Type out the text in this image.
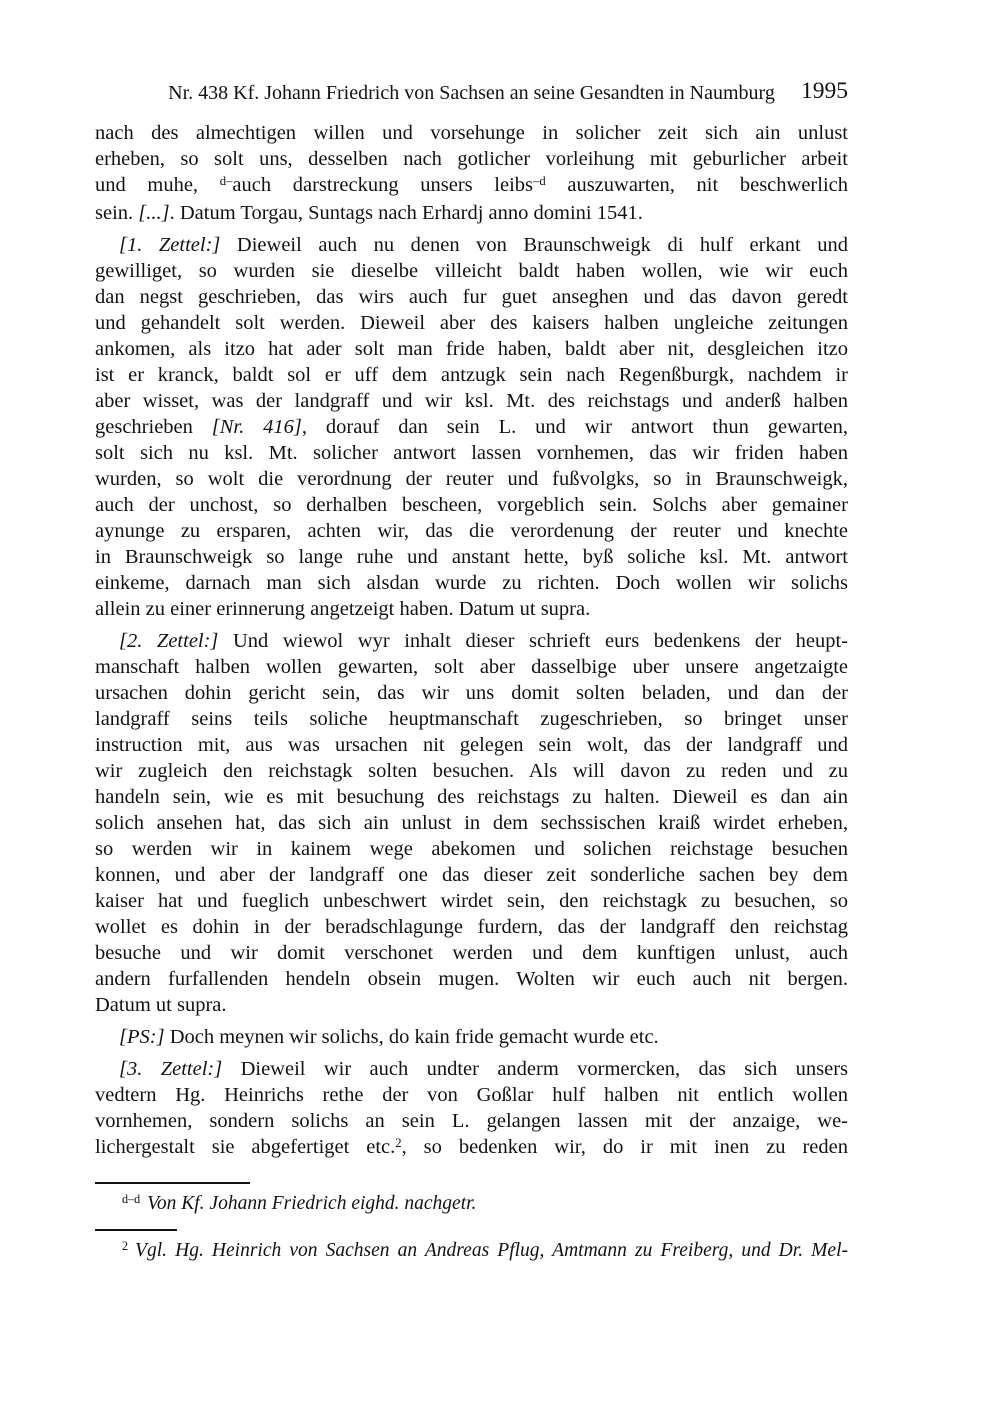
Nr. 438 Kf. Johann Friedrich von Sachsen an seine Gesandten in Naumburg	1995
nach des almechtigen willen und vorsehunge in solicher zeit sich ain unlust
erheben, so solt uns, desselben nach gotlicher vorleihung mit geburlicher arbeit
und muhe, $^{d-}$auch darstreckung unsers leibs$^{-d}$ auszuwarten, nit beschwerlich
sein. [...]. Datum Torgau, Suntags nach Erhardj anno domini 1541.
[1. Zettel:] Dieweil auch nu denen von Braunschweigk di hulf erkant und
gewilliget, so wurden sie dieselbe villeicht baldt haben wollen, wie wir euch
dan negst geschrieben, das wirs auch fur guet anseghen und das davon geredt
und gehandelt solt werden. Dieweil aber des kaisers halben ungleiche zeitungen
ankomen, als itzo hat ader solt man fride haben, baldt aber nit, desgleichen itzo
ist er kranck, baldt sol er uff dem antzugk sein nach Regenßburgk, nachdem ir
aber wisset, was der landgraff und wir ksl. Mt. des reichstags und anderß halben
geschrieben [Nr. 416], dorauf dan sein L. und wir antwort thun gewarten,
solt sich nu ksl. Mt. solicher antwort lassen vornhemen, das wir friden haben
wurden, so wolt die verordnung der reuter und fußvolgks, so in Braunschweigk,
auch der unchost, so derhalben bescheen, vorgeblich sein. Solchs aber gemainer
aynunge zu ersparen, achten wir, das die verordenung der reuter und knechte
in Braunschweigk so lange ruhe und anstant hette, byß soliche ksl. Mt. antwort
einkeme, darnach man sich alsdan wurde zu richten. Doch wollen wir solichs
allein zu einer erinnerung angetzeigt haben. Datum ut supra.
[2. Zettel:] Und wiewol wyr inhalt dieser schrieft eurs bedenkens der heupt-
manschaft halben wollen gewarten, solt aber dasselbige uber unsere angetzaigte
ursachen dohin gericht sein, das wir uns domit solten beladen, und dan der
landgraff seins teils soliche heuptmanschaft zugeschrieben, so bringet unser
instruction mit, aus was ursachen nit gelegen sein wolt, das der landgraff und
wir zugleich den reichstagk solten besuchen. Als will davon zu reden und zu
handeln sein, wie es mit besuchung des reichstags zu halten. Dieweil es dan ain
solich ansehen hat, das sich ain unlust in dem sechssischen kraiß wirdet erheben,
so werden wir in kainem wege abekomen und solichen reichstage besuchen
konnen, und aber der landgraff one das dieser zeit sonderliche sachen bey dem
kaiser hat und fueglich unbeschwert wirdet sein, den reichstagk zu besuchen, so
wollet es dohin in der beradschlagunge furdern, das der landgraff den reichstag
besuche und wir domit verschonet werden und dem kunftigen unlust, auch
andern furfallenden hendeln obsein mugen. Wolten wir euch auch nit bergen.
Datum ut supra.
[PS:] Doch meynen wir solichs, do kain fride gemacht wurde etc.
[3. Zettel:] Dieweil wir auch undter anderm vormercken, das sich unsers
vedtern Hg. Heinrichs rethe der von Goßlar hulf halben nit entlich wollen
vornhemen, sondern solichs an sein L. gelangen lassen mit der anzaige, we-
lichergestalt sie abgefertiget etc.$^2$, so bedenken wir, do ir mit inen zu reden
$^{d-d}$ Von Kf. Johann Friedrich eighd. nachgetr.
$^2$ Vgl. Hg. Heinrich von Sachsen an Andreas Pflug, Amtmann zu Freiberg, und Dr. Mel-
